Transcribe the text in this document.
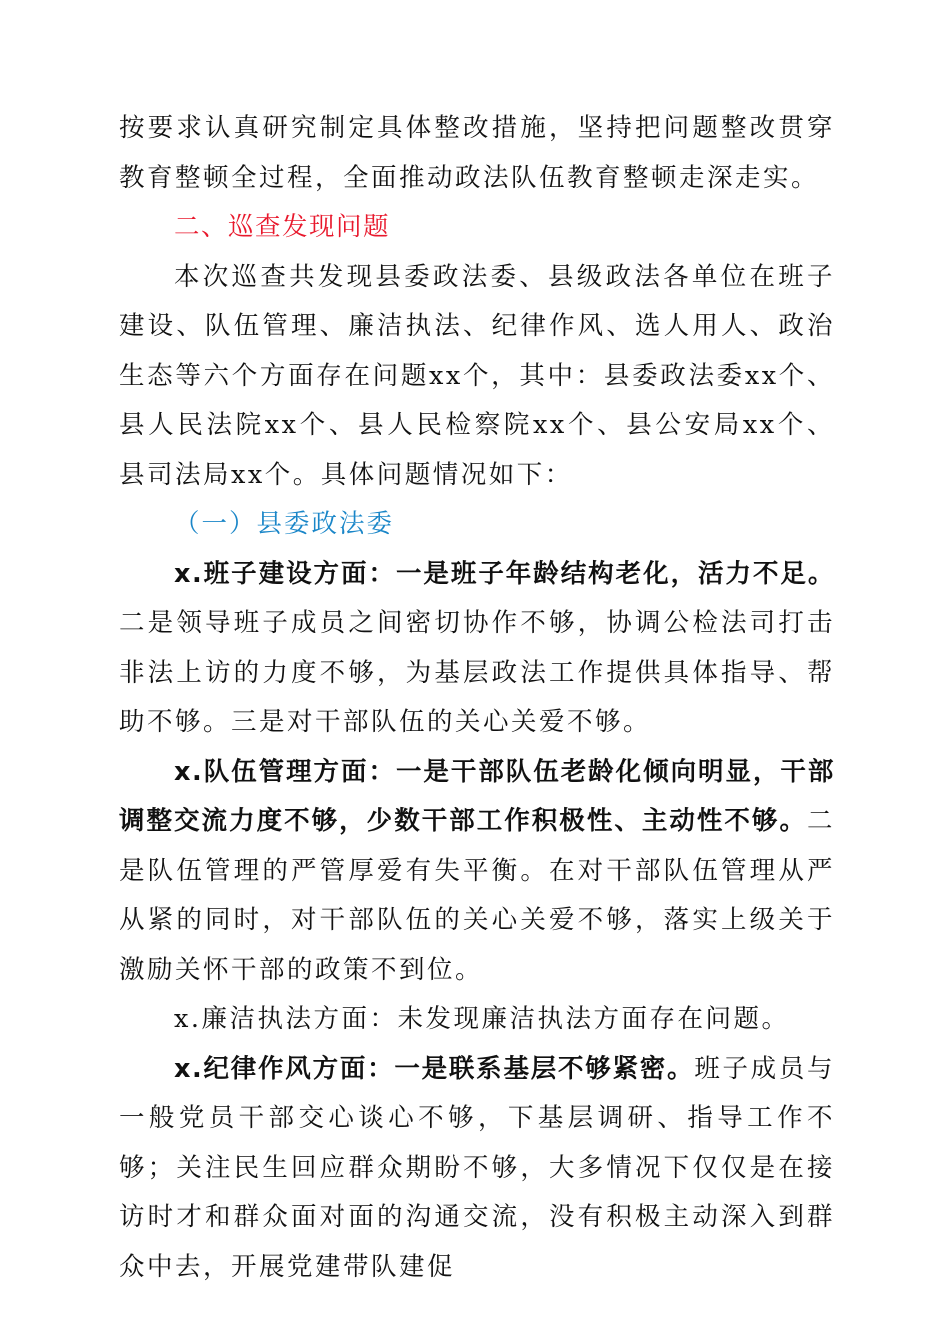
按要求认真研究制定具体整改措施，坚持把问题整改贯穿教育整顿全过程，全面推动政法队伍教育整顿走深走实。

二、巡查发现问题

本次巡查共发现县委政法委、县级政法各单位在班子建设、队伍管理、廉洁执法、纪律作风、选人用人、政治生态等六个方面存在问题xx个，其中：县委政法委xx个、县人民法院xx个、县人民检察院xx个、县公安局xx个、县司法局xx个。具体问题情况如下：

（一）县委政法委

x.班子建设方面：一是班子年龄结构老化，活力不足。二是领导班子成员之间密切协作不够，协调公检法司打击非法上访的力度不够，为基层政法工作提供具体指导、帮助不够。三是对干部队伍的关心关爱不够。

x.队伍管理方面：一是干部队伍老龄化倾向明显，干部调整交流力度不够，少数干部工作积极性、主动性不够。二是队伍管理的严管厚爱有失平衡。在对干部队伍管理从严从紧的同时，对干部队伍的关心关爱不够，落实上级关于激励关怀干部的政策不到位。

x.廉洁执法方面：未发现廉洁执法方面存在问题。

x.纪律作风方面：一是联系基层不够紧密。班子成员与一般党员干部交心谈心不够，下基层调研、指导工作不够；关注民生回应群众期盼不够，大多情况下仅仅是在接访时才和群众面对面的沟通交流，没有积极主动深入到群众中去，开展党建带队建促
